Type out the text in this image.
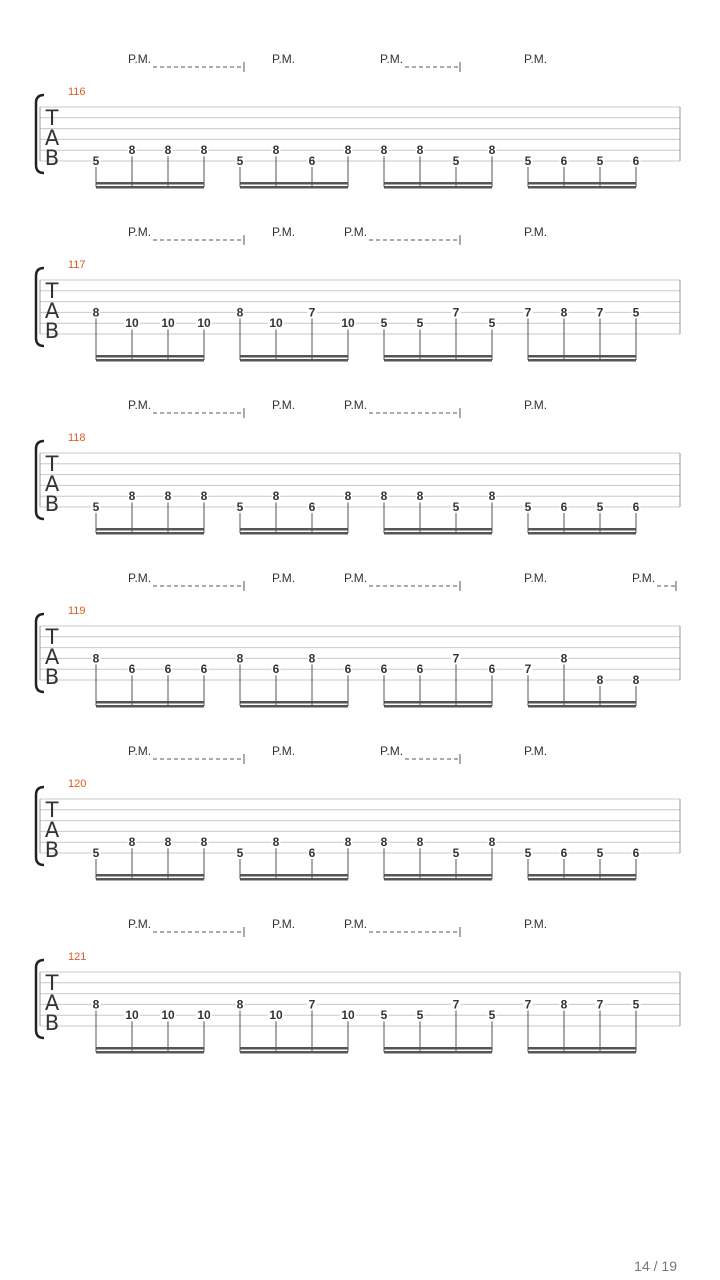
116
T
A
B
P.M.	P.M.	P.M.	P.M.
5
8 8 8
5
8
6
8 8 8
5
8
5 6 5 6
117
T
A
B
P.M.	P.M.	P.M.	P.M.
8
10 10 10
8
10
7
10 5 5
7
5
7 8 7 5
118
T
A
B
P.M.	P.M.	P.M.	P.M.
5
8 8 8
5
8
6
8 8 8
5
8
5 6 5 6
119
T
A
B
P.M.	P.M.	P.M.	P.M.	P.M.
8
6 6 6
8
6
8
6 6 6
7
6 7
8
8 8
120
T
A
B
P.M.	P.M.	P.M.	P.M.
5
8 8 8
5
8
6
8 8 8
5
8
5 6 5 6
121
T
A
B
P.M.	P.M.	P.M.	P.M.
8
10 10 10
8
10
7
10 5 5
7
5
7 8 7 5
14 / 19
